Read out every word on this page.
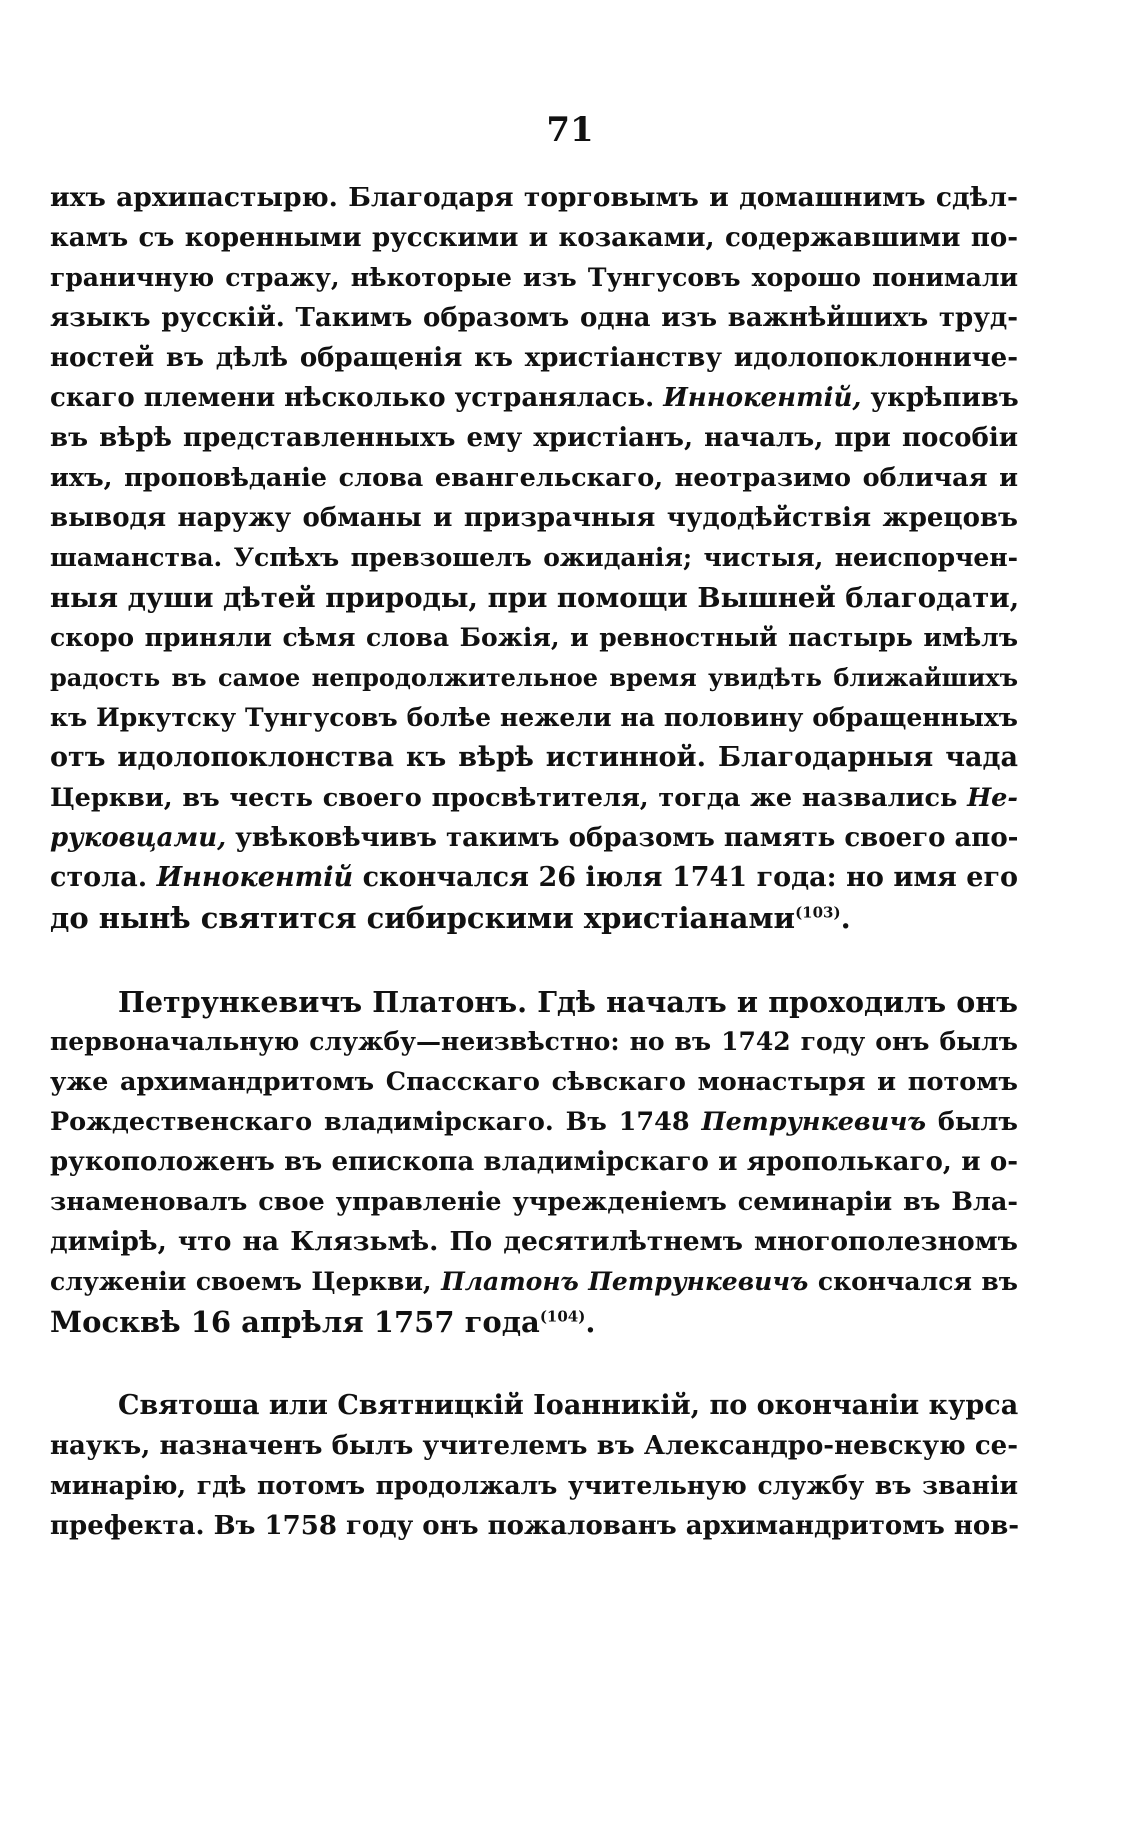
71
ихъ архипастырю. Благодаря торговымъ и домашнимъ сдѣл-
камъ съ коренными русскими и козаками, содержавшими по-
граничную стражу, нѣкоторые изъ Тунгусовъ хорошо понимали
языкъ русскій. Такимъ образомъ одна изъ важнѣйшихъ труд-
ностей въ дѣлѣ обращенія къ христіанству идолопоклонниче-
скаго племени нѣсколько устранялась. Иннокентій, укрѣпивъ
въ вѣрѣ представленныхъ ему христіанъ, началъ, при пособіи
ихъ, проповѣданіе слова евангельскаго, неотразимо обличая и
выводя наружу обманы и призрачныя чудодѣйствія жрецовъ
шаманства. Успѣхъ превзошелъ ожиданія; чистыя, неиспорчен-
ныя души дѣтей природы, при помощи Вышней благодати,
скоро приняли сѣмя слова Божія, и ревностный пастырь имѣлъ
радость въ самое непродолжительное время увидѣть ближайшихъ
къ Иркутску Тунгусовъ болѣе нежели на половину обращенныхъ
отъ идолопоклонства къ вѣрѣ истинной. Благодарныя чада
Церкви, въ честь своего просвѣтителя, тогда же назвались Не-
руковцами, увѣковѣчивъ такимъ образомъ память своего апо-
стола. Иннокентій скончался 26 іюля 1741 года: но имя его
до нынѣ святится сибирскими христіанами$^{(103)}$.
Петрункевичъ Платонъ. Гдѣ началъ и проходилъ онъ
первоначальную службу—неизвѣстно: но въ 1742 году онъ былъ
уже архимандритомъ Спасскаго сѣвскаго монастыря и потомъ
Рождественскаго владимірскаго. Въ 1748 Петрункевичъ былъ
рукоположенъ въ епископа владимірскаго и ярополькаго, и о-
знаменовалъ свое управленіе учрежденіемъ семинаріи въ Вла-
димірѣ, что на Клязьмѣ. По десятилѣтнемъ многополезномъ
служеніи своемъ Церкви, Платонъ Петрункевичъ скончался въ
Москвѣ 16 апрѣля 1757 года$^{(104)}$.
Святоша или Святницкій Іоанникій, по окончаніи курса
наукъ, назначенъ былъ учителемъ въ Александро-невскую се-
минарію, гдѣ потомъ продолжалъ учительную службу въ званіи
префекта. Въ 1758 году онъ пожалованъ архимандритомъ нов-
